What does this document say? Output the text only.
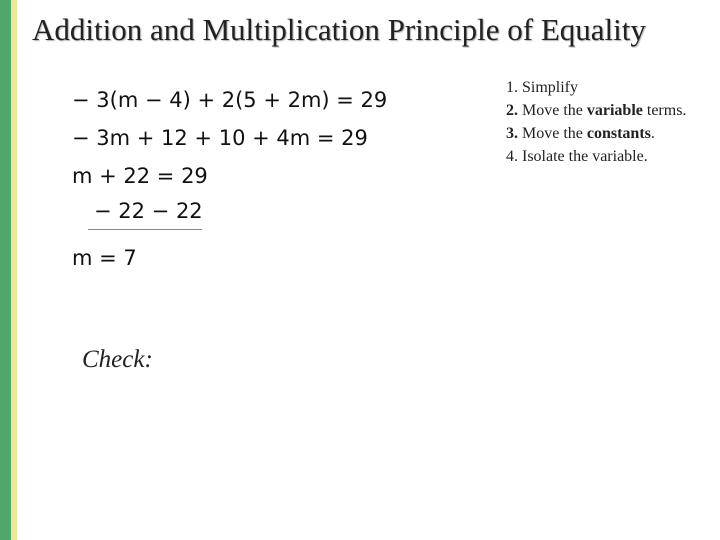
Addition and Multiplication Principle of Equality

− 3(m − 4) + 2(5 + 2m) = 29

− 3m + 12 + 10 + 4m = 29

m + 22 = 29

− 22 − 22

m = 7

Check:

1. Simplify
2. Move the variable terms.
3. Move the constants.
4. Isolate the variable.
